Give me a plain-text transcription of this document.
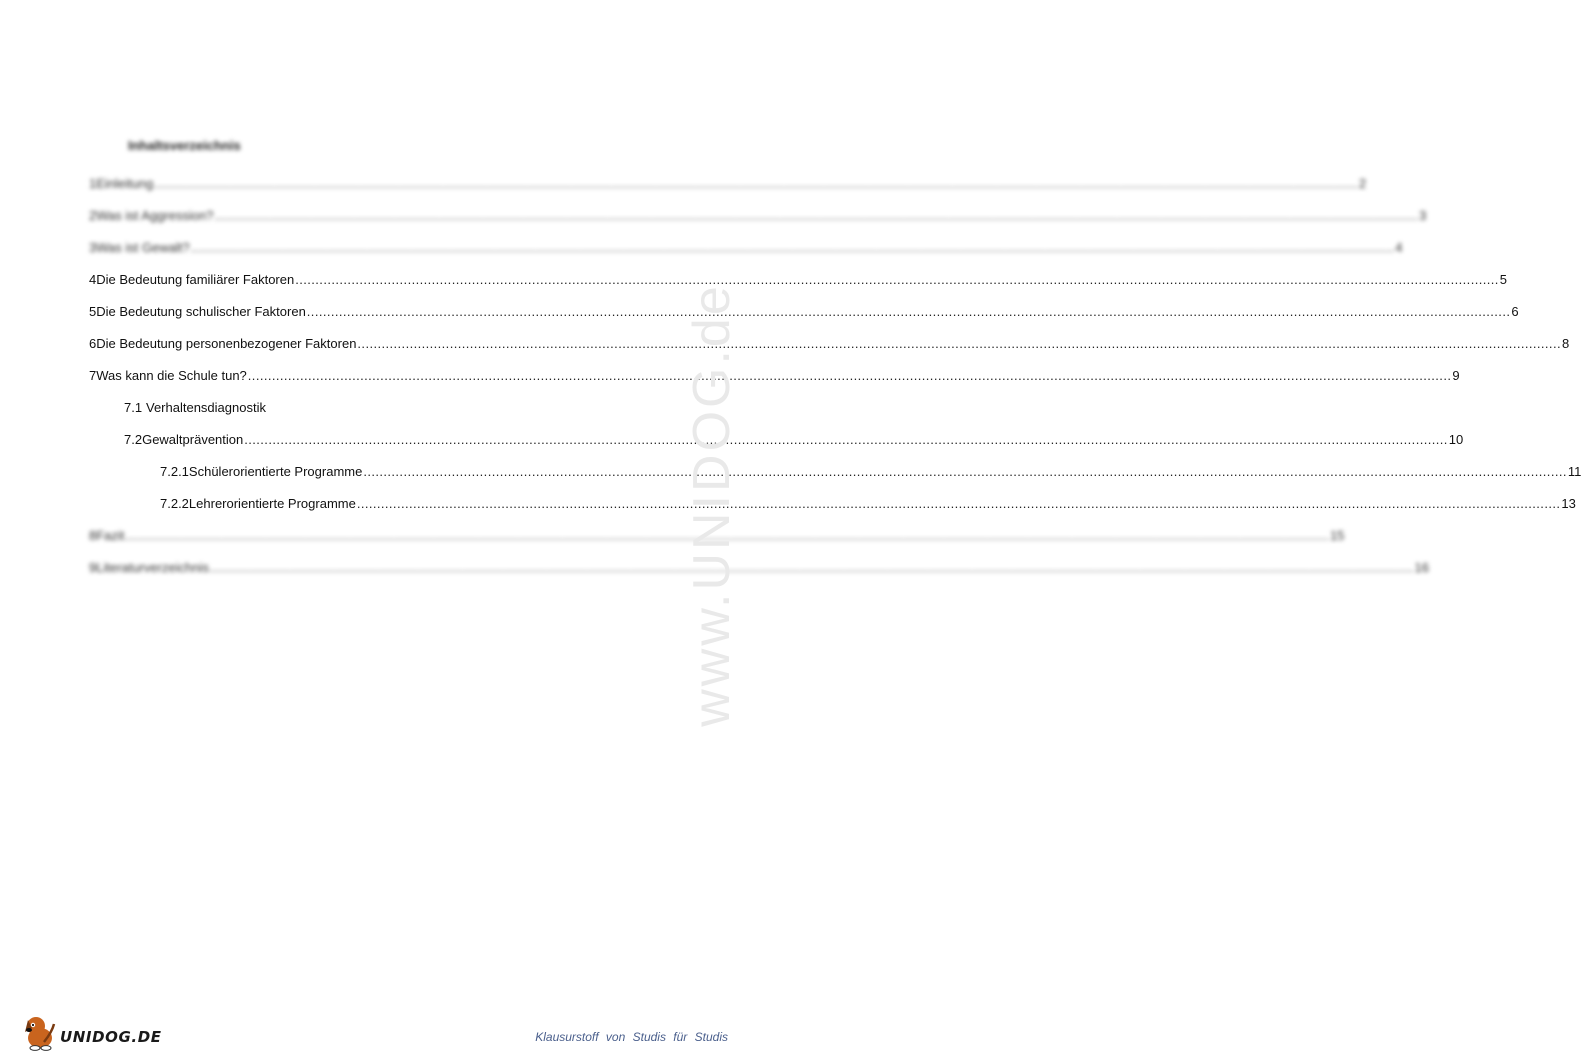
Inhaltsverzeichnis
1 Einleitung ............................................................................................................................................................................................................................................................................................................ 2
2 Was ist Aggression? ............................................................................................................................................................................................................................................................................................................ 3
3 Was ist Gewalt? ............................................................................................................................................................................................................................................................................................................ 4
4 Die Bedeutung familiärer Faktoren ............................................................................................................................................................................................................................................................................................................ 5
5 Die Bedeutung schulischer Faktoren ............................................................................................................................................................................................................................................................................................................ 6
6 Die Bedeutung personenbezogener Faktoren ............................................................................................................................................................................................................................................................................................................ 8
7 Was kann die Schule tun? ............................................................................................................................................................................................................................................................................................................ 9
7.1 Verhaltensdiagnostik
7.2 Gewaltprävention ............................................................................................................................................................................................................................................................................................................ 10
7.2.1 Schülerorientierte Programme ............................................................................................................................................................................................................................................................................................................ 11
7.2.2 Lehrerorientierte Programme ............................................................................................................................................................................................................................................................................................................ 13
8 Fazit ............................................................................................................................................................................................................................................................................................................ 15
9 Literaturverzeichnis ............................................................................................................................................................................................................................................................................................................ 16
www.UNIDOG.de
UNIDOG.DE	Klausurstoff von Studis für Studis
